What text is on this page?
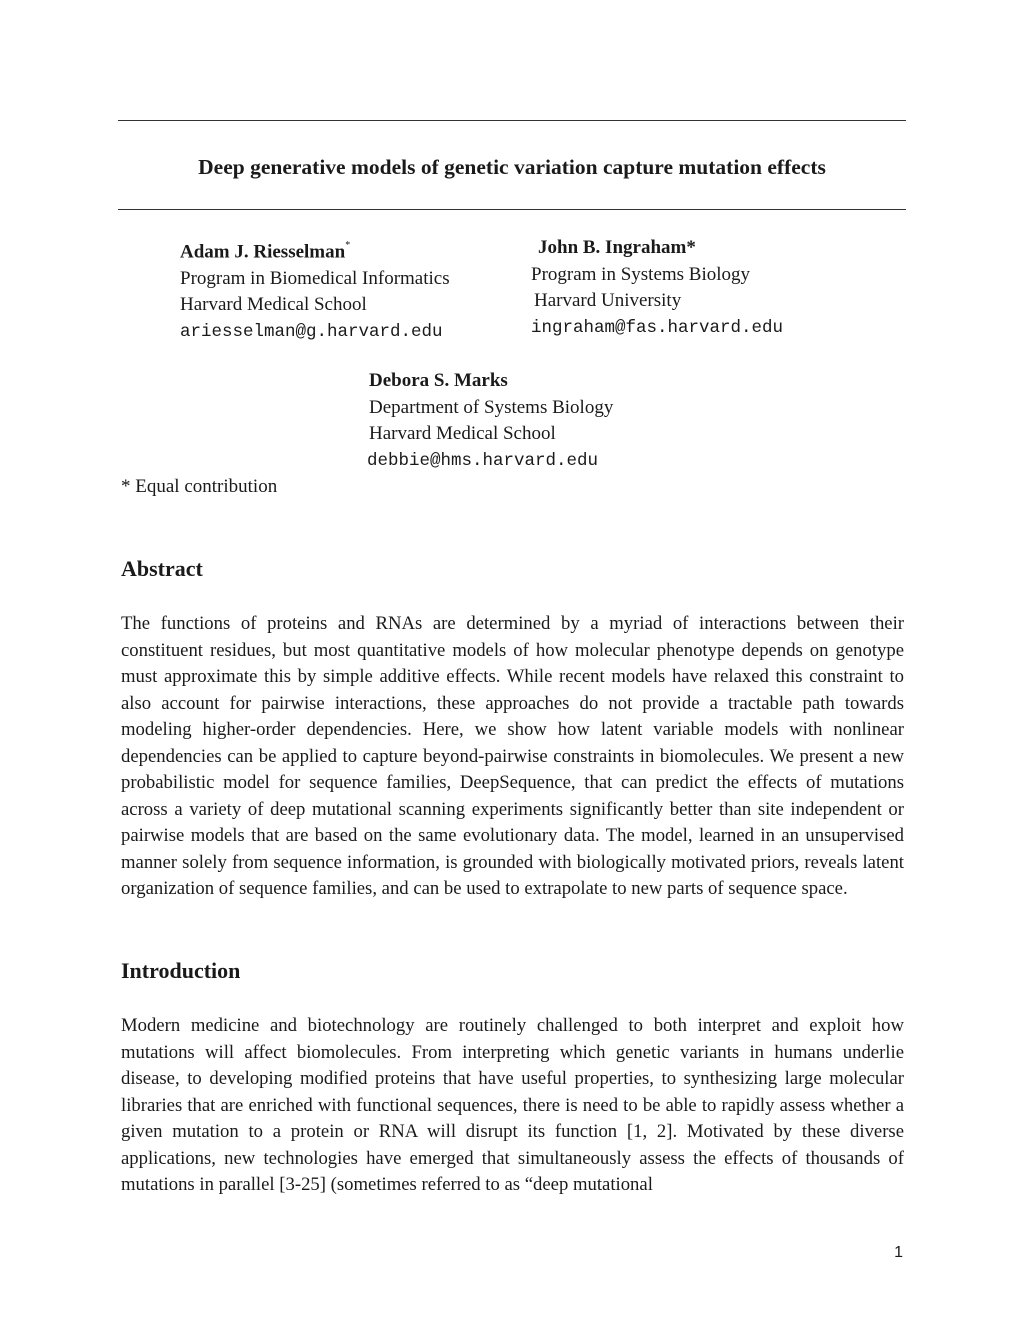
Deep generative models of genetic variation capture mutation effects
Adam J. Riesselman*
Program in Biomedical Informatics
Harvard Medical School
ariesselman@g.harvard.edu
John B. Ingraham*
Program in Systems Biology
Harvard University
ingraham@fas.harvard.edu
Debora S. Marks
Department of Systems Biology
Harvard Medical School
debbie@hms.harvard.edu
* Equal contribution
Abstract
The functions of proteins and RNAs are determined by a myriad of interactions between their constituent residues, but most quantitative models of how molecular phenotype depends on genotype must approximate this by simple additive effects. While recent models have relaxed this constraint to also account for pairwise interactions, these approaches do not provide a tractable path towards modeling higher-order dependencies. Here, we show how latent variable models with nonlinear dependencies can be applied to capture beyond-pairwise constraints in biomolecules. We present a new probabilistic model for sequence families, DeepSequence, that can predict the effects of mutations across a variety of deep mutational scanning experiments significantly better than site independent or pairwise models that are based on the same evolutionary data. The model, learned in an unsupervised manner solely from sequence information, is grounded with biologically motivated priors, reveals latent organization of sequence families, and can be used to extrapolate to new parts of sequence space.
Introduction
Modern medicine and biotechnology are routinely challenged to both interpret and exploit how mutations will affect biomolecules. From interpreting which genetic variants in humans underlie disease, to developing modified proteins that have useful properties, to synthesizing large molecular libraries that are enriched with functional sequences, there is need to be able to rapidly assess whether a given mutation to a protein or RNA will disrupt its function [1, 2]. Motivated by these diverse applications, new technologies have emerged that simultaneously assess the effects of thousands of mutations in parallel [3-25] (sometimes referred to as “deep mutational
1
